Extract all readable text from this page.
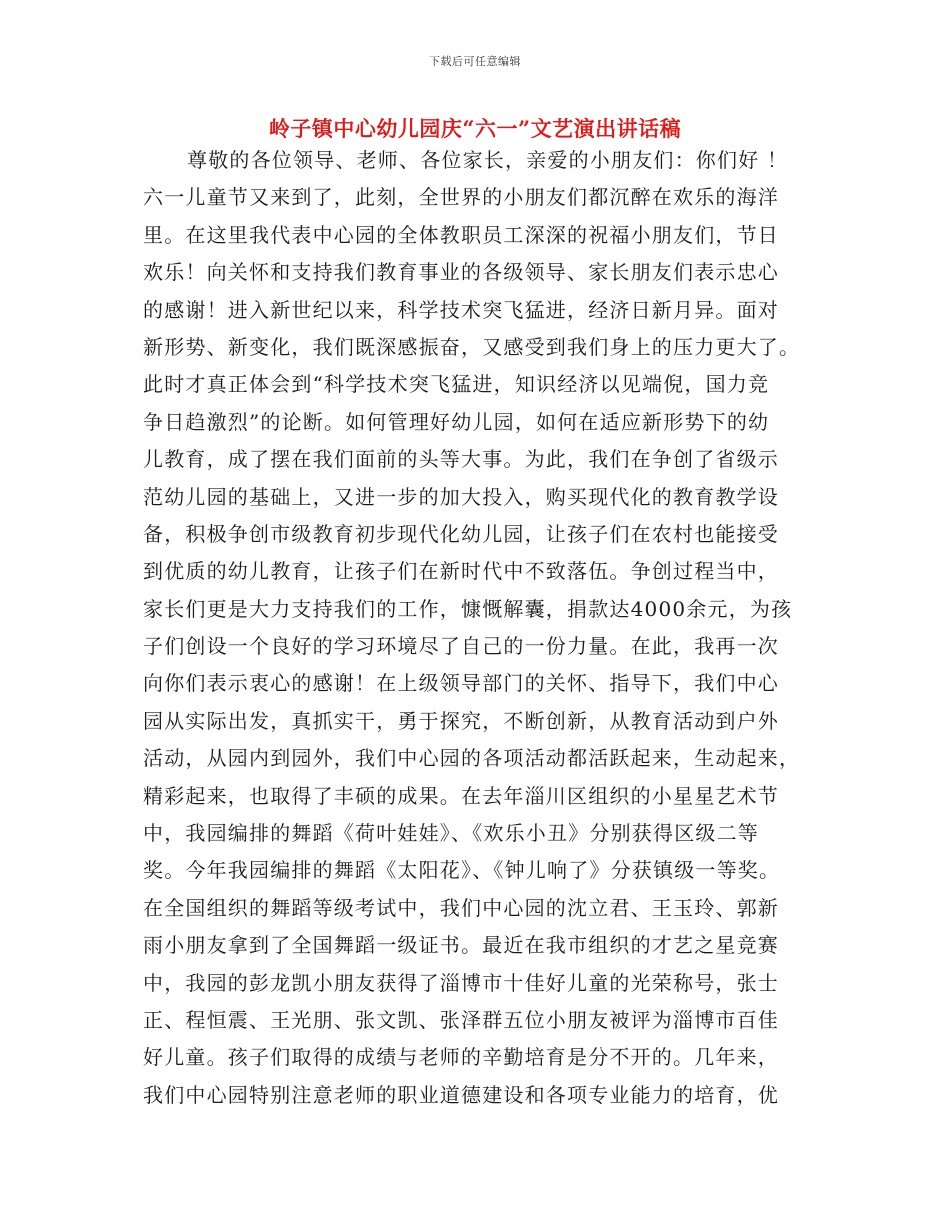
下载后可任意编辑
岭子镇中心幼儿园庆“六一”文艺演出讲话稿
尊敬的各位领导、老师、各位家长，亲爱的小朋友们：你们好 ！
六一儿童节又来到了，此刻，全世界的小朋友们都沉醉在欢乐的海洋
里。在这里我代表中心园的全体教职员工深深的祝福小朋友们，节日
欢乐！向关怀和支持我们教育事业的各级领导、家长朋友们表示忠心
的感谢！进入新世纪以来，科学技术突飞猛进，经济日新月异。面对
新形势、新变化，我们既深感振奋，又感受到我们身上的压力更大了。
此时才真正体会到“科学技术突飞猛进，知识经济以见端倪，国力竞
争日趋激烈”的论断。如何管理好幼儿园，如何在适应新形势下的幼
儿教育，成了摆在我们面前的头等大事。为此，我们在争创了省级示
范幼儿园的基础上，又进一步的加大投入，购买现代化的教育教学设
备，积极争创市级教育初步现代化幼儿园，让孩子们在农村也能接受
到优质的幼儿教育，让孩子们在新时代中不致落伍。争创过程当中，
家长们更是大力支持我们的工作，慷慨解囊，捐款达4000余元，为孩
子们创设一个良好的学习环境尽了自己的一份力量。在此，我再一次
向你们表示衷心的感谢！在上级领导部门的关怀、指导下，我们中心
园从实际出发，真抓实干，勇于探究，不断创新，从教育活动到户外
活动，从园内到园外，我们中心园的各项活动都活跃起来，生动起来，
精彩起来，也取得了丰硕的成果。在去年淄川区组织的小星星艺术节
中，我园编排的舞蹈《荷叶娃娃》、《欢乐小丑》分别获得区级二等
奖。今年我园编排的舞蹈《太阳花》、《钟儿响了》分获镇级一等奖。
在全国组织的舞蹈等级考试中，我们中心园的沈立君、王玉玲、郭新
雨小朋友拿到了全国舞蹈一级证书。最近在我市组织的才艺之星竞赛
中，我园的彭龙凯小朋友获得了淄博市十佳好儿童的光荣称号，张士
正、程恒震、王光朋、张文凯、张泽群五位小朋友被评为淄博市百佳
好儿童。孩子们取得的成绩与老师的辛勤培育是分不开的。几年来，
我们中心园特别注意老师的职业道德建设和各项专业能力的培育，优
